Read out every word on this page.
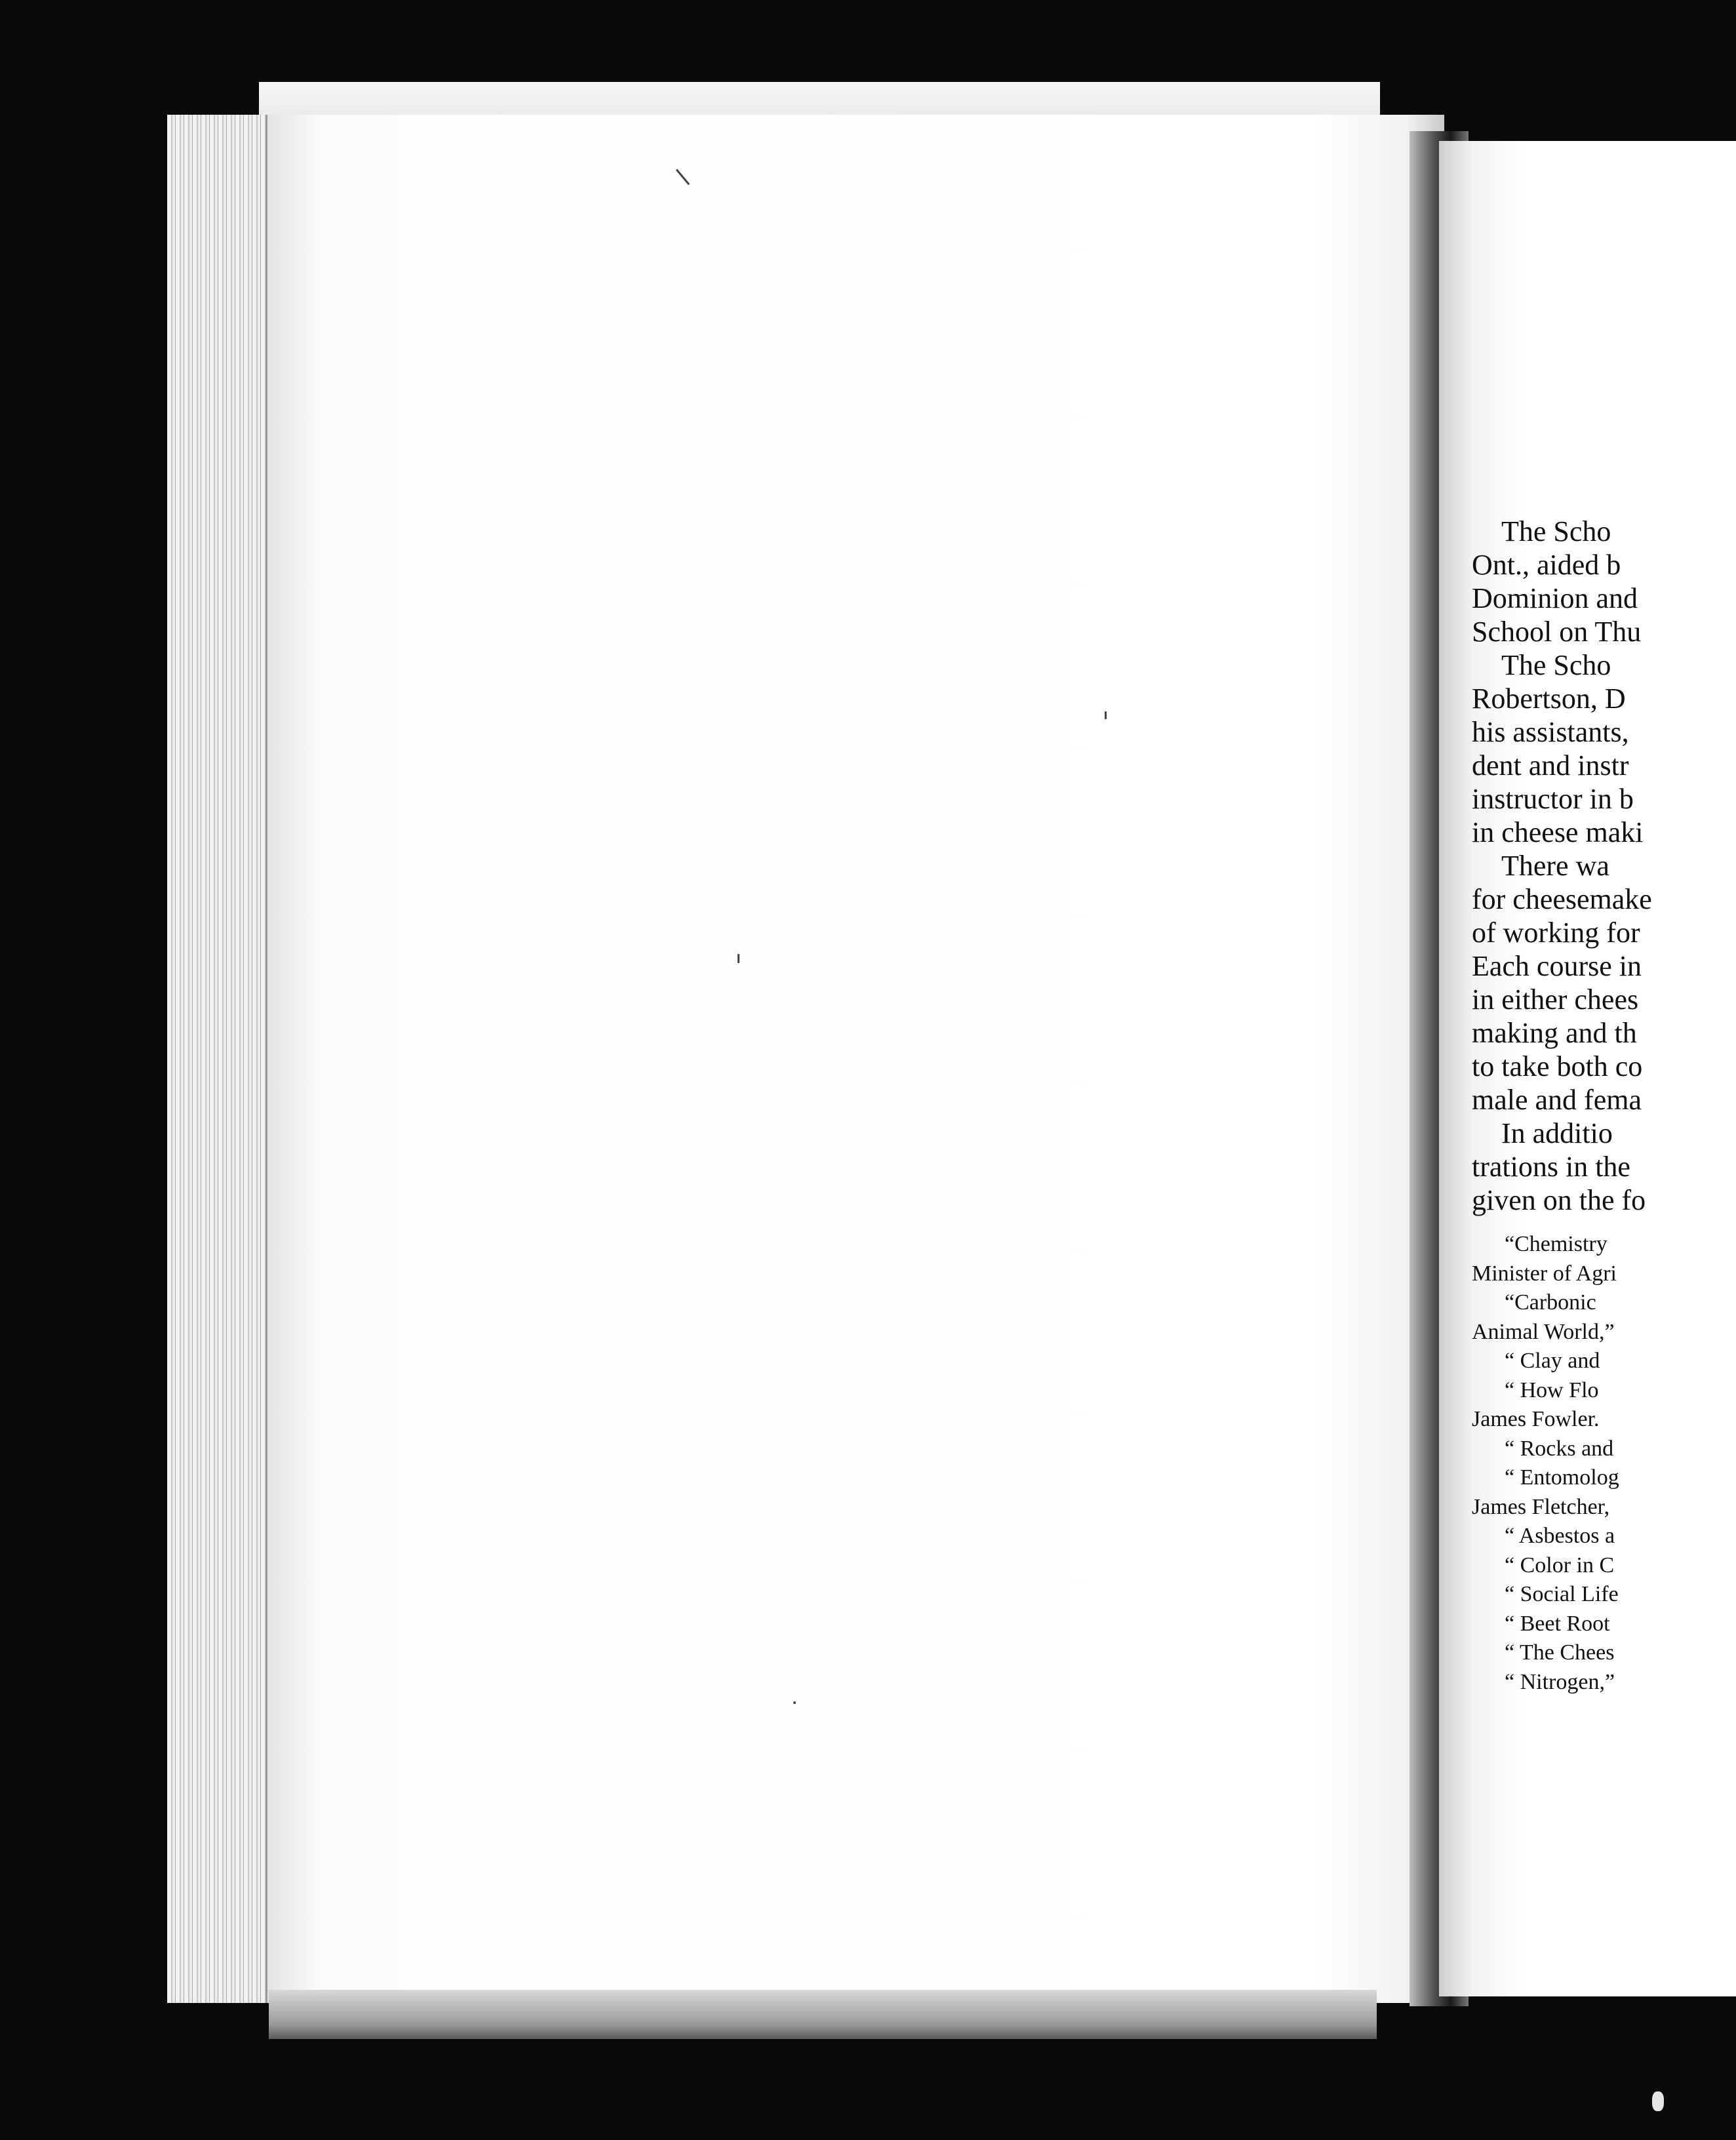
The Scho
Ont., aided b
Dominion and
School on Thu
The Scho
Robertson, D
his assistants,
dent and instr
instructor in b
in cheese maki
There wa
for cheesemake
of working for
Each course in
in either chees
making and th
to take both co
male and fema
In additio
trations in the
given on the fo
“Chemistry
Minister of Agri
“Carbonic
Animal World,”
“ Clay and
“ How Flo
James Fowler.
“ Rocks and
“ Entomolog
James Fletcher,
“ Asbestos a
“ Color in C
“ Social Life
“ Beet Root
“ The Chees
“ Nitrogen,”
